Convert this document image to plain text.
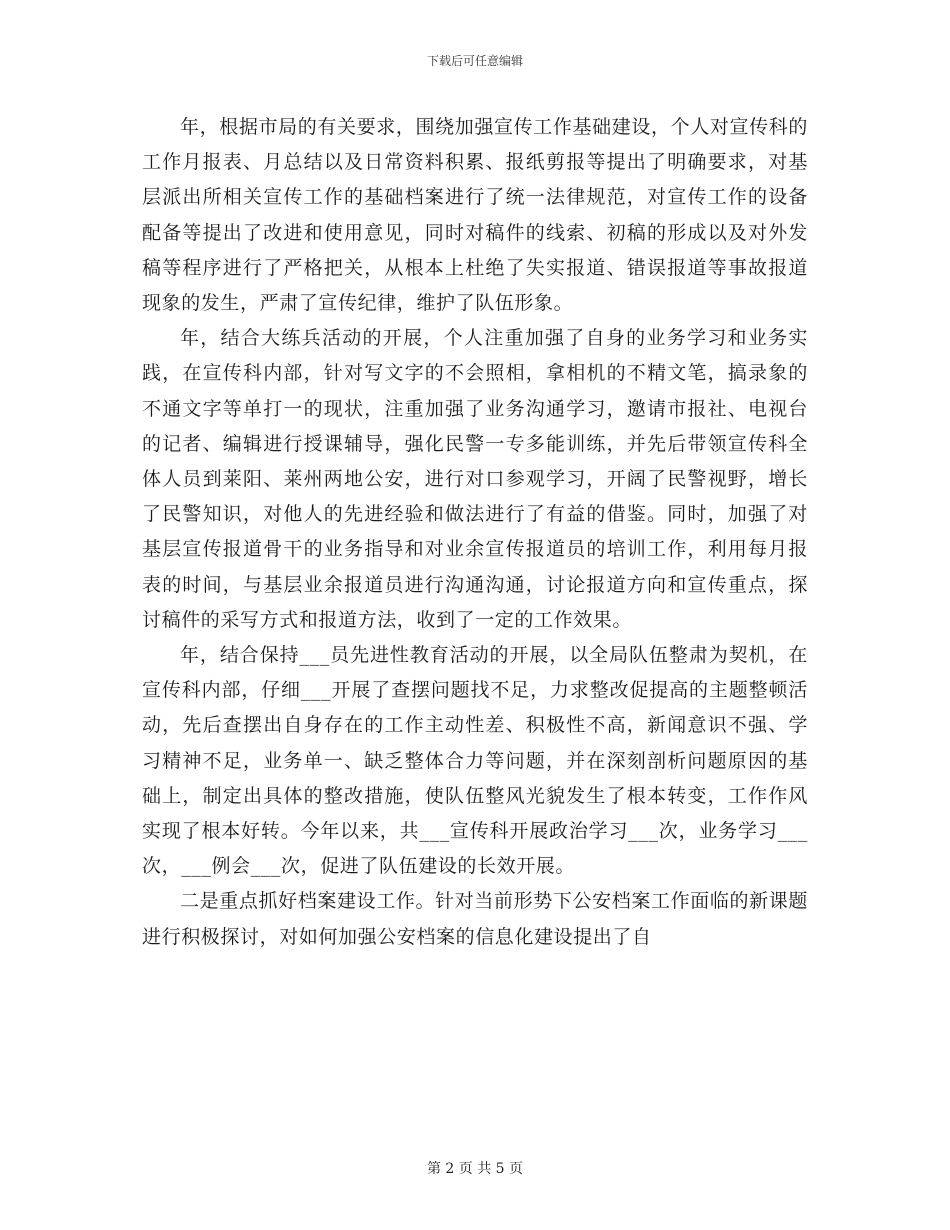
下载后可任意编辑

年，根据市局的有关要求，围绕加强宣传工作基础建设，个人对宣传科的工作月报表、月总结以及日常资料积累、报纸剪报等提出了明确要求，对基层派出所相关宣传工作的基础档案进行了统一法律规范，对宣传工作的设备配备等提出了改进和使用意见，同时对稿件的线索、初稿的形成以及对外发稿等程序进行了严格把关，从根本上杜绝了失实报道、错误报道等事故报道现象的发生，严肃了宣传纪律，维护了队伍形象。

年，结合大练兵活动的开展，个人注重加强了自身的业务学习和业务实践，在宣传科内部，针对写文字的不会照相，拿相机的不精文笔，搞录象的不通文字等单打一的现状，注重加强了业务沟通学习，邀请市报社、电视台的记者、编辑进行授课辅导，强化民警一专多能训练，并先后带领宣传科全体人员到莱阳、莱州两地公安，进行对口参观学习，开阔了民警视野，增长了民警知识，对他人的先进经验和做法进行了有益的借鉴。同时，加强了对基层宣传报道骨干的业务指导和对业余宣传报道员的培训工作，利用每月报表的时间，与基层业余报道员进行沟通沟通，讨论报道方向和宣传重点，探讨稿件的采写方式和报道方法，收到了一定的工作效果。

年，结合保持___员先进性教育活动的开展，以全局队伍整肃为契机，在宣传科内部，仔细___开展了查摆问题找不足，力求整改促提高的主题整顿活动，先后查摆出自身存在的工作主动性差、积极性不高，新闻意识不强、学习精神不足，业务单一、缺乏整体合力等问题，并在深刻剖析问题原因的基础上，制定出具体的整改措施，使队伍整风光貌发生了根本转变，工作作风实现了根本好转。今年以来，共___宣传科开展政治学习___次，业务学习___次，___例会___次，促进了队伍建设的长效开展。

二是重点抓好档案建设工作。针对当前形势下公安档案工作面临的新课题进行积极探讨，对如何加强公安档案的信息化建设提出了自

第 2 页 共 5 页
